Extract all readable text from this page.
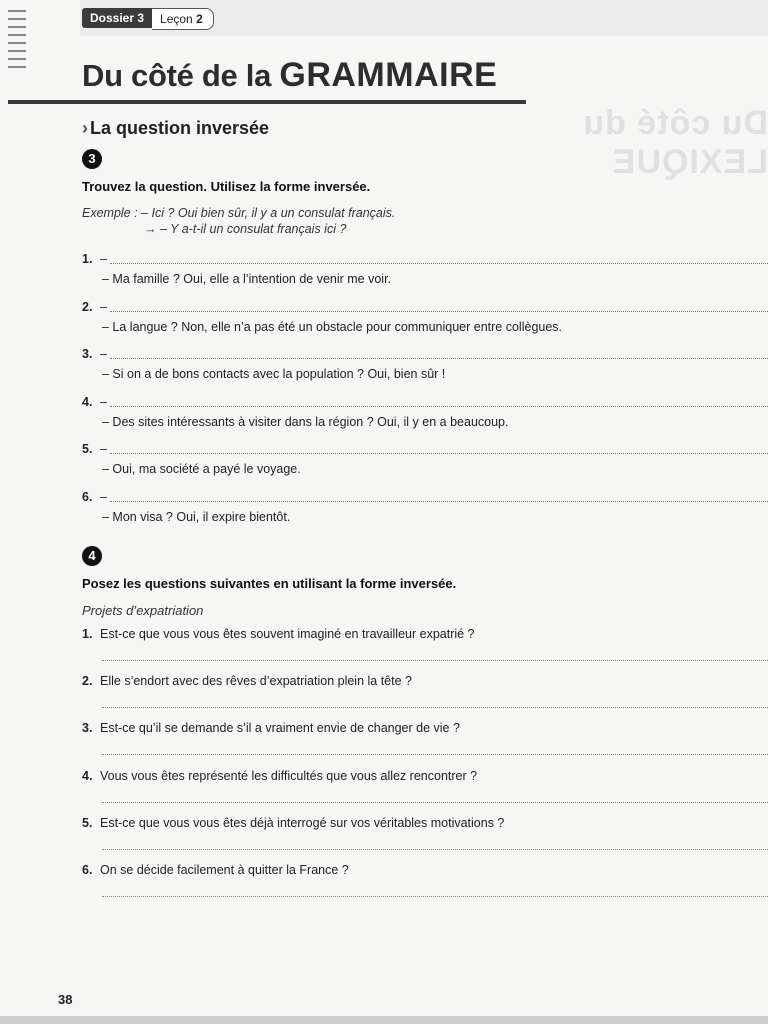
Du côté du LEXIQUE
Dossier 3	Leçon 2
Du côté de la GRAMMAIRE
› La question inversée
3
Trouvez la question. Utilisez la forme inversée.
Exemple : – Ici ? Oui bien sûr, il y a un consulat français.
→ – Y a-t-il un consulat français ici ?
1. –
– Ma famille ? Oui, elle a l’intention de venir me voir.
2. –
– La langue ? Non, elle n’a pas été un obstacle pour communiquer entre collègues.
3. –
– Si on a de bons contacts avec la population ? Oui, bien sûr !
4. –
– Des sites intéressants à visiter dans la région ? Oui, il y en a beaucoup.
5. –
– Oui, ma société a payé le voyage.
6. –
– Mon visa ? Oui, il expire bientôt.
4
Posez les questions suivantes en utilisant la forme inversée.
Projets d’expatriation
1. Est-ce que vous vous êtes souvent imaginé en travailleur expatrié ?
2. Elle s’endort avec des rêves d’expatriation plein la tête ?
3. Est-ce qu’il se demande s’il a vraiment envie de changer de vie ?
4. Vous vous êtes représenté les difficultés que vous allez rencontrer ?
5. Est-ce que vous vous êtes déjà interrogé sur vos véritables motivations ?
6. On se décide facilement à quitter la France ?
38
